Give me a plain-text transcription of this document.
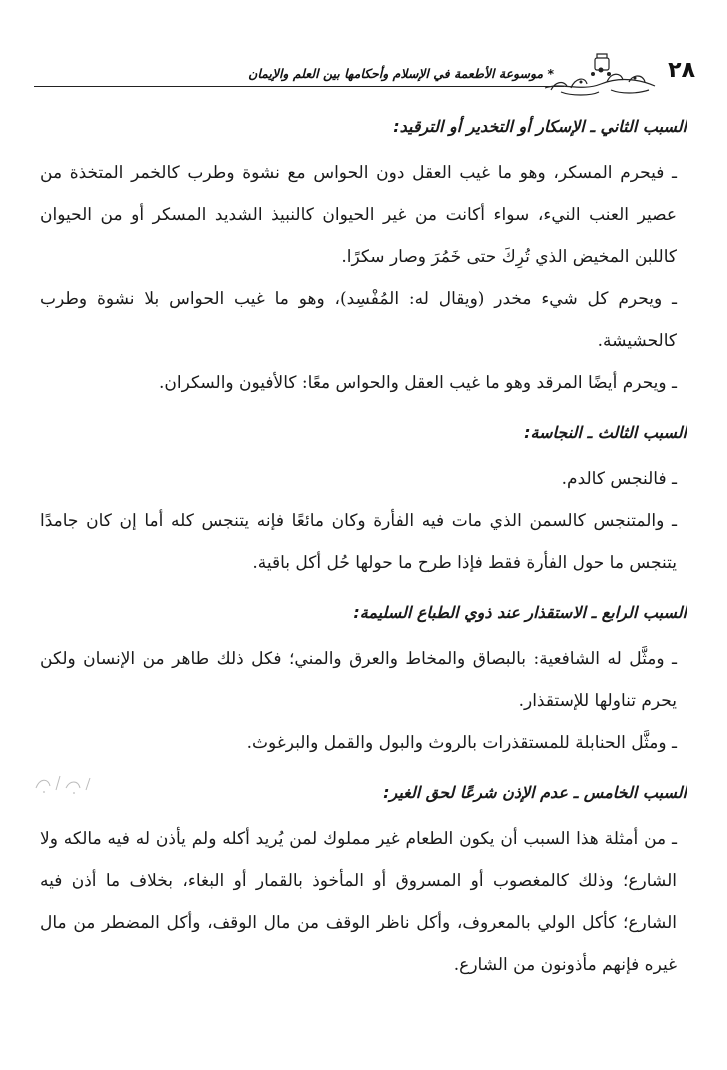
٢٨
* موسوعة الأطعمة في الإسلام وأحكامها بين العلم والإيمان

السبب الثاني ـ الإسكار أو التخدير أو الترقيد:

ـ فيحرم المسكر، وهو ما غيب العقل دون الحواس مع نشوة وطرب كالخمر المتخذة من عصير العنب النيء، سواء أكانت من غير الحيوان كالنبيذ الشديد المسكر أو من الحيوان كاللبن المخيض الذي تُرِكَ حتى خَمُرَ وصار سكرًا.

ـ ويحرم كل شيء مخدر (ويقال له: المُفْسِد)، وهو ما غيب الحواس بلا نشوة وطرب كالحشيشة.

ـ ويحرم أيضًا المرقد وهو ما غيب العقل والحواس معًا: كالأفيون والسكران.

السبب الثالث ـ النجاسة:

ـ فالنجس كالدم.

ـ والمتنجس كالسمن الذي مات فيه الفأرة وكان مائعًا فإنه يتنجس كله أما إن كان جامدًا يتنجس ما حول الفأرة فقط فإذا طرح ما حولها حُل أكل باقية.

السبب الرابع ـ الاستقذار عند ذوي الطباع السليمة:

ـ ومثَّل له الشافعية: بالبصاق والمخاط والعرق والمني؛ فكل ذلك طاهر من الإنسان ولكن يحرم تناولها للإستقذار.

ـ ومثَّل الحنابلة للمستقذرات بالروث والبول والقمل والبرغوث.

السبب الخامس ـ عدم الإذن شرعًا لحق الغير:

ـ من أمثلة هذا السبب أن يكون الطعام غير مملوك لمن يُريد أكله ولم يأذن له فيه مالكه ولا الشارع؛ وذلك كالمغصوب أو المسروق أو المأخوذ بالقمار أو البغاء، بخلاف ما أذن فيه الشارع؛ كأكل الولي بالمعروف، وأكل ناظر الوقف من مال الوقف، وأكل المضطر من مال غيره فإنهم مأذونون من الشارع.
